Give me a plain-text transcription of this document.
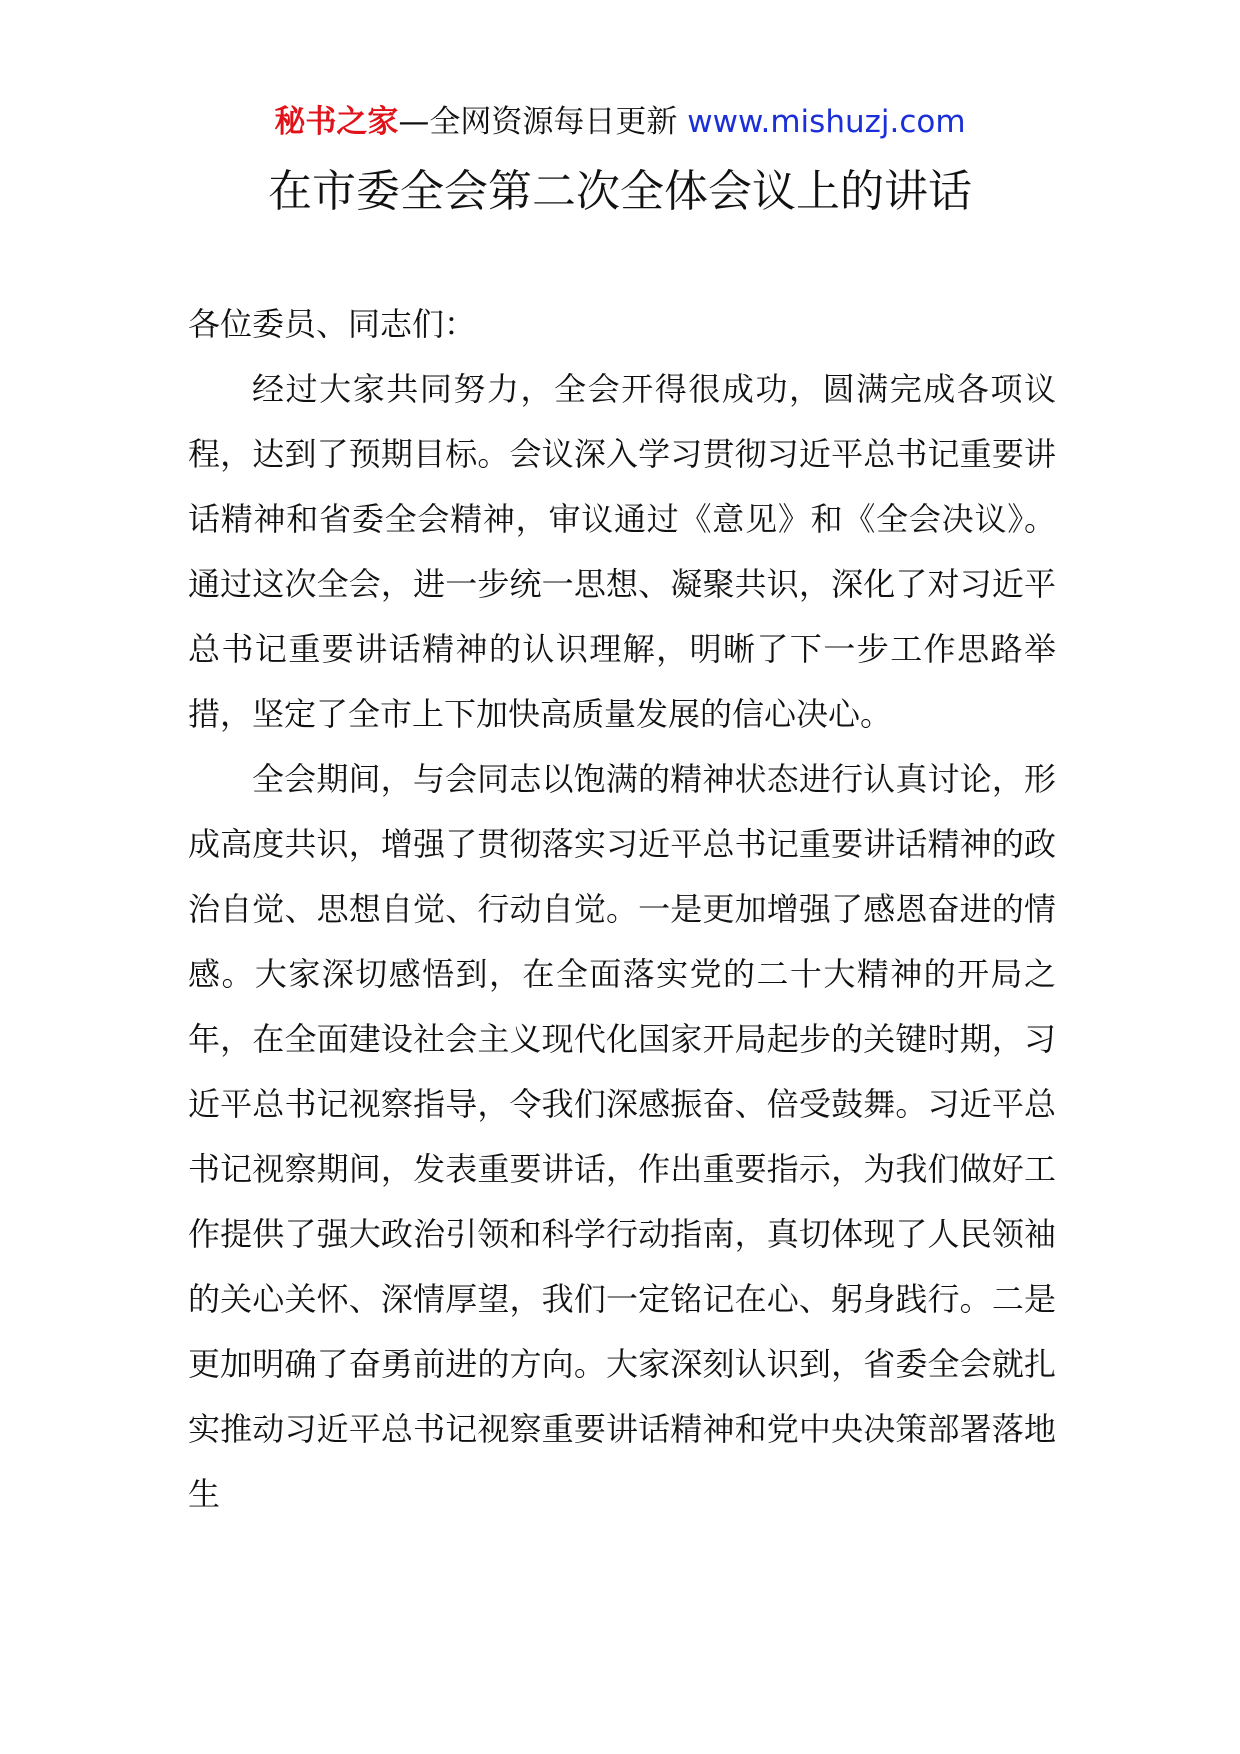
秘书之家—全网资源每日更新 www.mishuzj.com
在市委全会第二次全体会议上的讲话

各位委员、同志们：

经过大家共同努力，全会开得很成功，圆满完成各项议程，达到了预期目标。会议深入学习贯彻习近平总书记重要讲话精神和省委全会精神，审议通过《意见》和《全会决议》。通过这次全会，进一步统一思想、凝聚共识，深化了对习近平总书记重要讲话精神的认识理解，明晰了下一步工作思路举措，坚定了全市上下加快高质量发展的信心决心。

全会期间，与会同志以饱满的精神状态进行认真讨论，形成高度共识，增强了贯彻落实习近平总书记重要讲话精神的政治自觉、思想自觉、行动自觉。一是更加增强了感恩奋进的情感。大家深切感悟到，在全面落实党的二十大精神的开局之年，在全面建设社会主义现代化国家开局起步的关键时期，习近平总书记视察指导，令我们深感振奋、倍受鼓舞。习近平总书记视察期间，发表重要讲话，作出重要指示，为我们做好工作提供了强大政治引领和科学行动指南，真切体现了人民领袖的关心关怀、深情厚望，我们一定铭记在心、躬身践行。二是更加明确了奋勇前进的方向。大家深刻认识到，省委全会就扎实推动习近平总书记视察重要讲话精神和党中央决策部署落地生
